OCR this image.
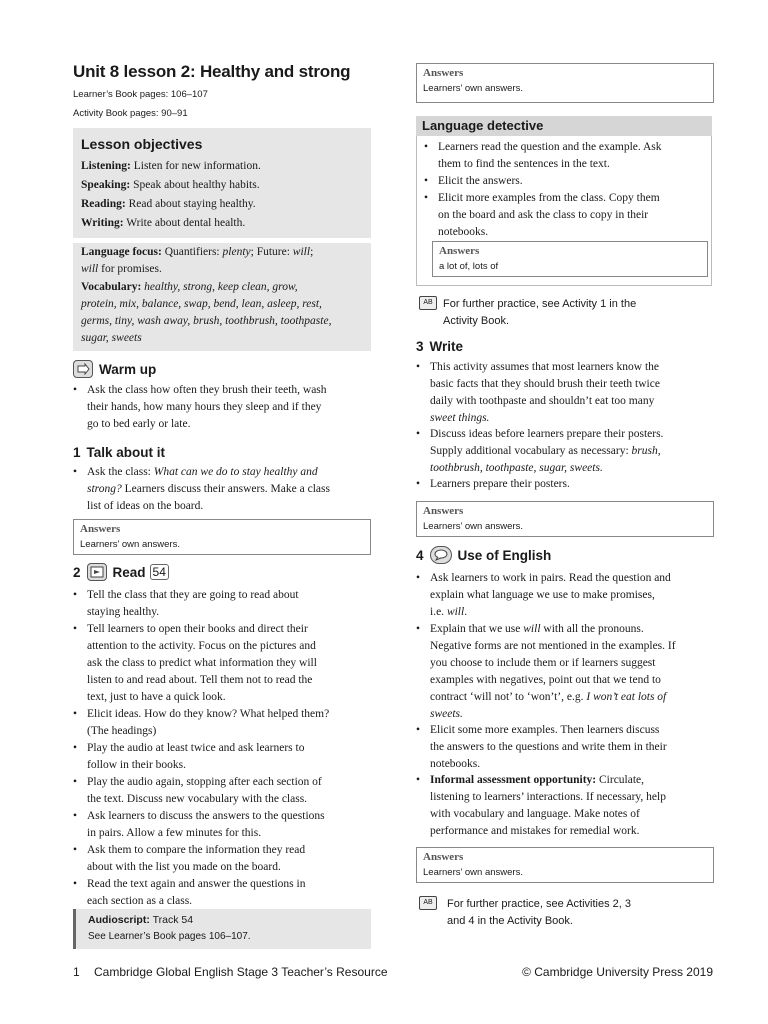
Unit 8 lesson 2: Healthy and strong
Learner’s Book pages: 106–107
Activity Book pages: 90–91
Lesson objectives
Listening: Listen for new information.
Speaking: Speak about healthy habits.
Reading: Read about staying healthy.
Writing: Write about dental health.
Language focus: Quantifiers: plenty; Future: will;
will for promises.
Vocabulary: healthy, strong, keep clean, grow,
protein, mix, balance, swap, bend, lean, asleep, rest,
germs, tiny, wash away, brush, toothbrush, toothpaste,
sugar, sweets
Warm up
• Ask the class how often they brush their teeth, wash
their hands, how many hours they sleep and if they
go to bed early or late.
1 Talk about it
• Ask the class: What can we do to stay healthy and
strong? Learners discuss their answers. Make a class
list of ideas on the board.
Answers
Learners’ own answers.
2 Read 54
• Tell the class that they are going to read about
staying healthy.
• Tell learners to open their books and direct their
attention to the activity. Focus on the pictures and
ask the class to predict what information they will
listen to and read about. Tell them not to read the
text, just to have a quick look.
• Elicit ideas. How do they know? What helped them?
(The headings)
• Play the audio at least twice and ask learners to
follow in their books.
• Play the audio again, stopping after each section of
the text. Discuss new vocabulary with the class.
• Ask learners to discuss the answers to the questions
in pairs. Allow a few minutes for this.
• Ask them to compare the information they read
about with the list you made on the board.
• Read the text again and answer the questions in
each section as a class.
Audioscript: Track 54
See Learner’s Book pages 106–107.
Answers
Learners’ own answers.
Language detective
• Learners read the question and the example. Ask
them to find the sentences in the text.
• Elicit the answers.
• Elicit more examples from the class. Copy them
on the board and ask the class to copy in their
notebooks.
Answers
a lot of, lots of
AB For further practice, see Activity 1 in the
Activity Book.
3 Write
• This activity assumes that most learners know the
basic facts that they should brush their teeth twice
daily with toothpaste and shouldn’t eat too many
sweet things.
• Discuss ideas before learners prepare their posters.
Supply additional vocabulary as necessary: brush,
toothbrush, toothpaste, sugar, sweets.
• Learners prepare their posters.
Answers
Learners’ own answers.
4	Use of English
• Ask learners to work in pairs. Read the question and
explain what language we use to make promises,
i.e. will.
• Explain that we use will with all the pronouns.
Negative forms are not mentioned in the examples. If
you choose to include them or if learners suggest
examples with negatives, point out that we tend to
contract ‘will not’ to ‘won’t’, e.g. I won’t eat lots of
sweets.
• Elicit some more examples. Then learners discuss
the answers to the questions and write them in their
notebooks.
• Informal assessment opportunity: Circulate,
listening to learners’ interactions. If necessary, help
with vocabulary and language. Make notes of
performance and mistakes for remedial work.
Answers
Learners’ own answers.
AB	For further practice, see Activities 2, 3
and 4 in the Activity Book.
1 Cambridge Global English Stage 3 Teacher’s Resource	© Cambridge University Press 2019
